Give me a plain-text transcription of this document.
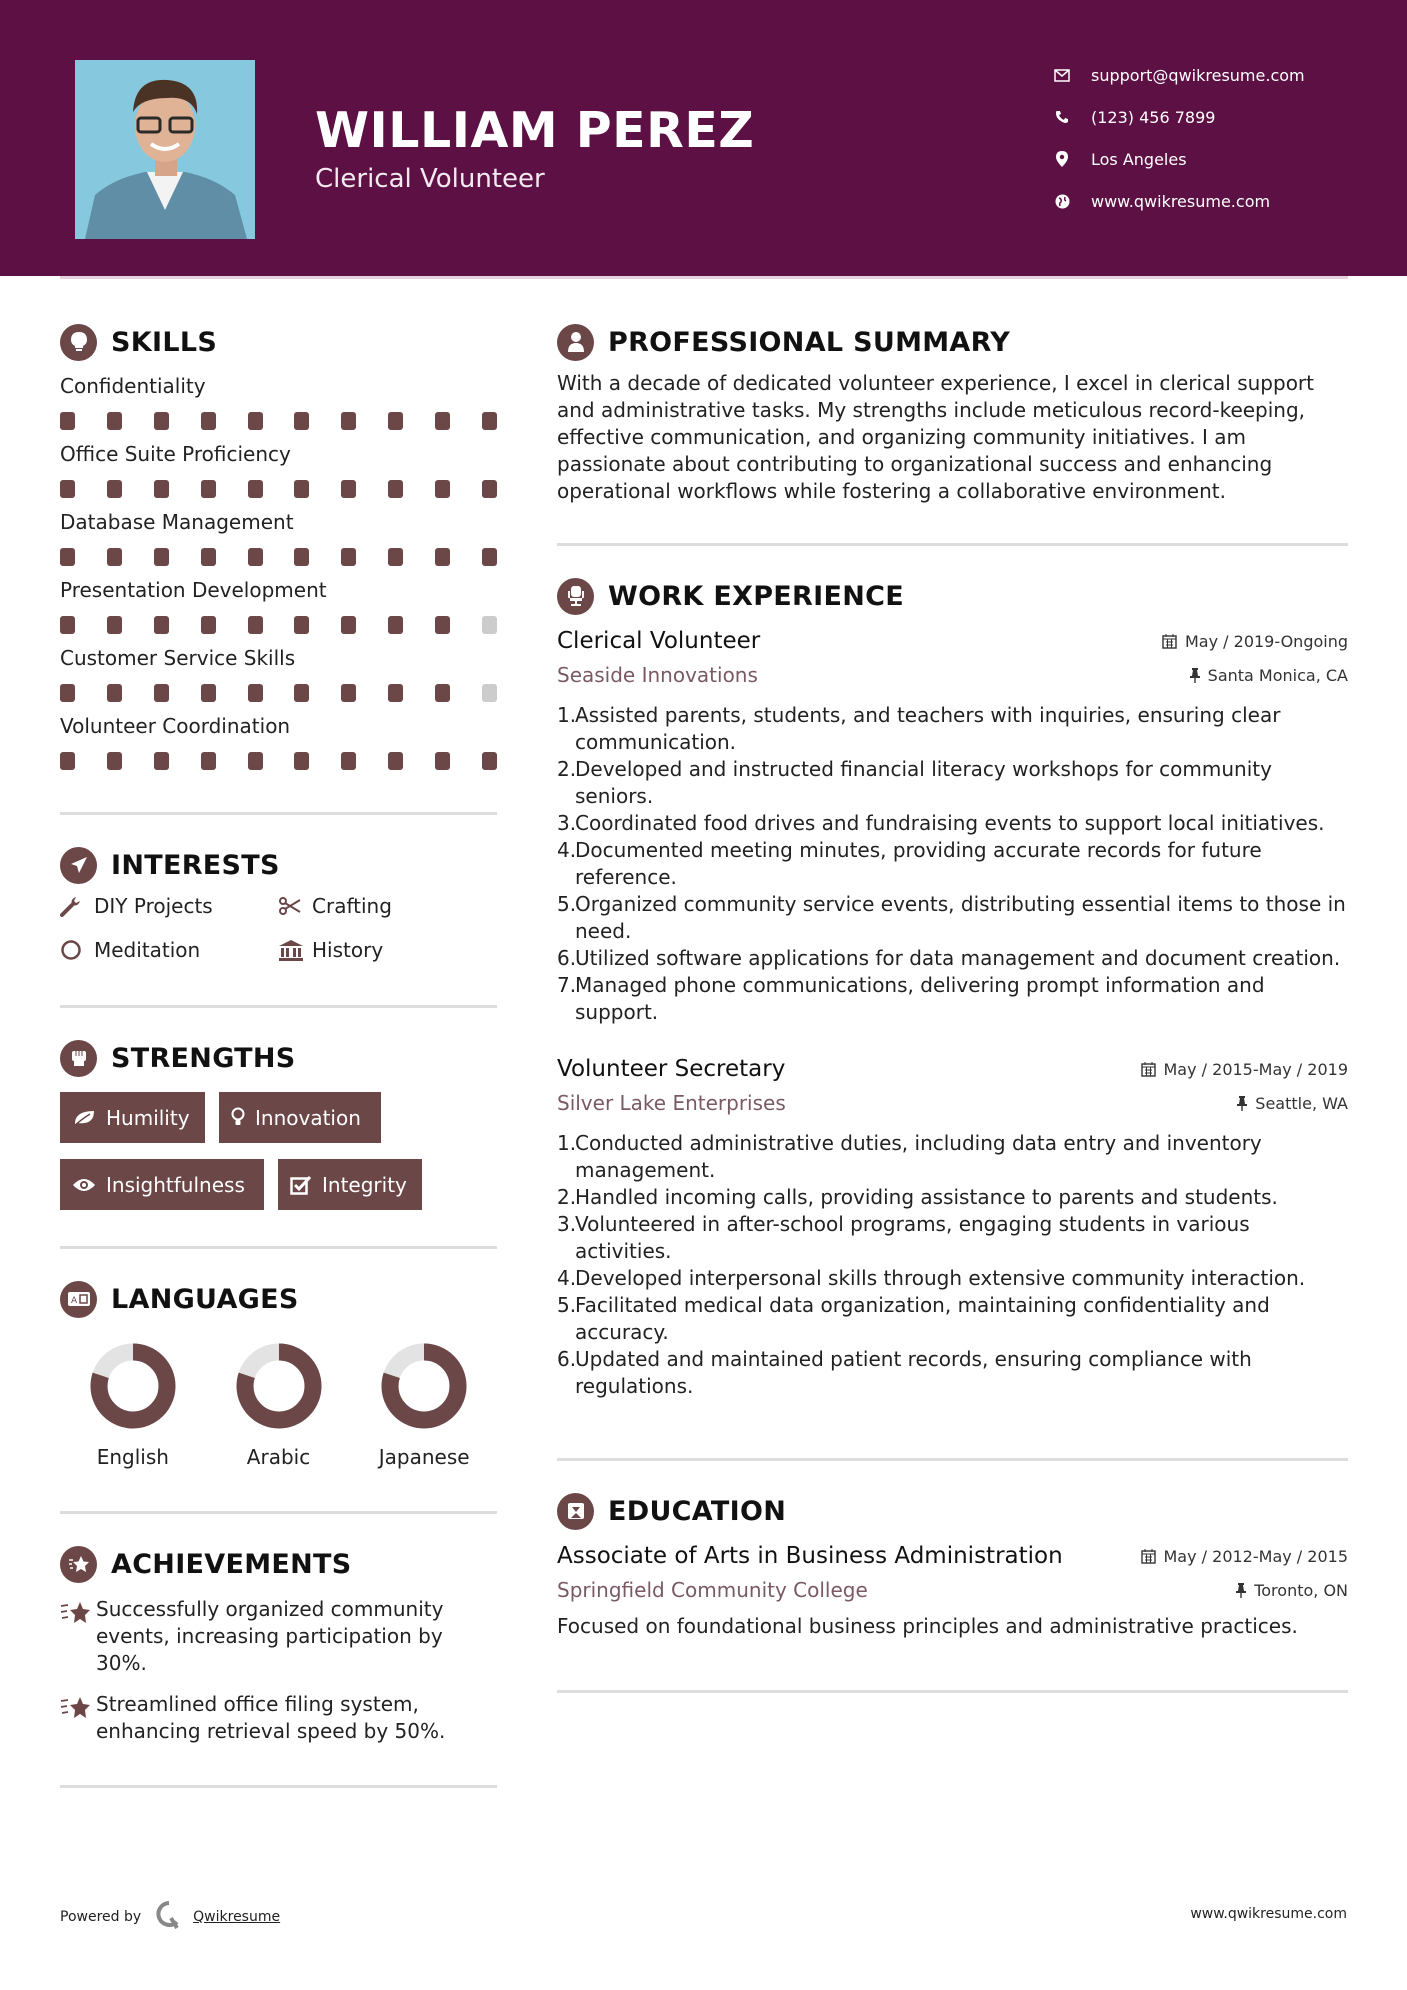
WILLIAM PEREZ
Clerical Volunteer
support@qwikresume.com
(123) 456 7899
Los Angeles
www.qwikresume.com
SKILLS
Confidentiality
Office Suite Proficiency
Database Management
Presentation Development
Customer Service Skills
Volunteer Coordination
INTERESTS
DIY Projects	Crafting
Meditation	History
STRENGTHS
Humility	Innovation
Insightfulness	Integrity
A LANGUAGES
English	Arabic	Japanese
ACHIEVEMENTS
Successfully organized community events, increasing participation by 30%.
Streamlined office filing system, enhancing retrieval speed by 50%.
PROFESSIONAL SUMMARY

With a decade of dedicated volunteer experience, I excel in clerical support and administrative tasks. My strengths include meticulous record-keeping, effective communication, and organizing community initiatives. I am passionate about contributing to organizational success and enhancing operational workflows while fostering a collaborative environment.

WORK EXPERIENCE
Clerical Volunteer	May / 2019-Ongoing
Seaside Innovations	Santa Monica, CA
1.
Assisted parents, students, and teachers with inquiries, ensuring clear communication.
2.
Developed and instructed financial literacy workshops for community seniors.
3.
Coordinated food drives and fundraising events to support local initiatives.
4.
Documented meeting minutes, providing accurate records for future reference.
5.
Organized community service events, distributing essential items to those in need.
6.
Utilized software applications for data management and document creation.
7.
Managed phone communications, delivering prompt information and support.
Volunteer Secretary	May / 2015-May / 2019
Silver Lake Enterprises	Seattle, WA
1.
Conducted administrative duties, including data entry and inventory management.
2.
Handled incoming calls, providing assistance to parents and students.
3.
Volunteered in after-school programs, engaging students in various activities.
4.
Developed interpersonal skills through extensive community interaction.
5.
Facilitated medical data organization, maintaining confidentiality and accuracy.
6.
Updated and maintained patient records, ensuring compliance with regulations.
EDUCATION
Associate of Arts in Business Administration	May / 2012-May / 2015
Springfield Community College	Toronto, ON

Focused on foundational business principles and administrative practices.

Powered by	Qwikresume	www.qwikresume.com
